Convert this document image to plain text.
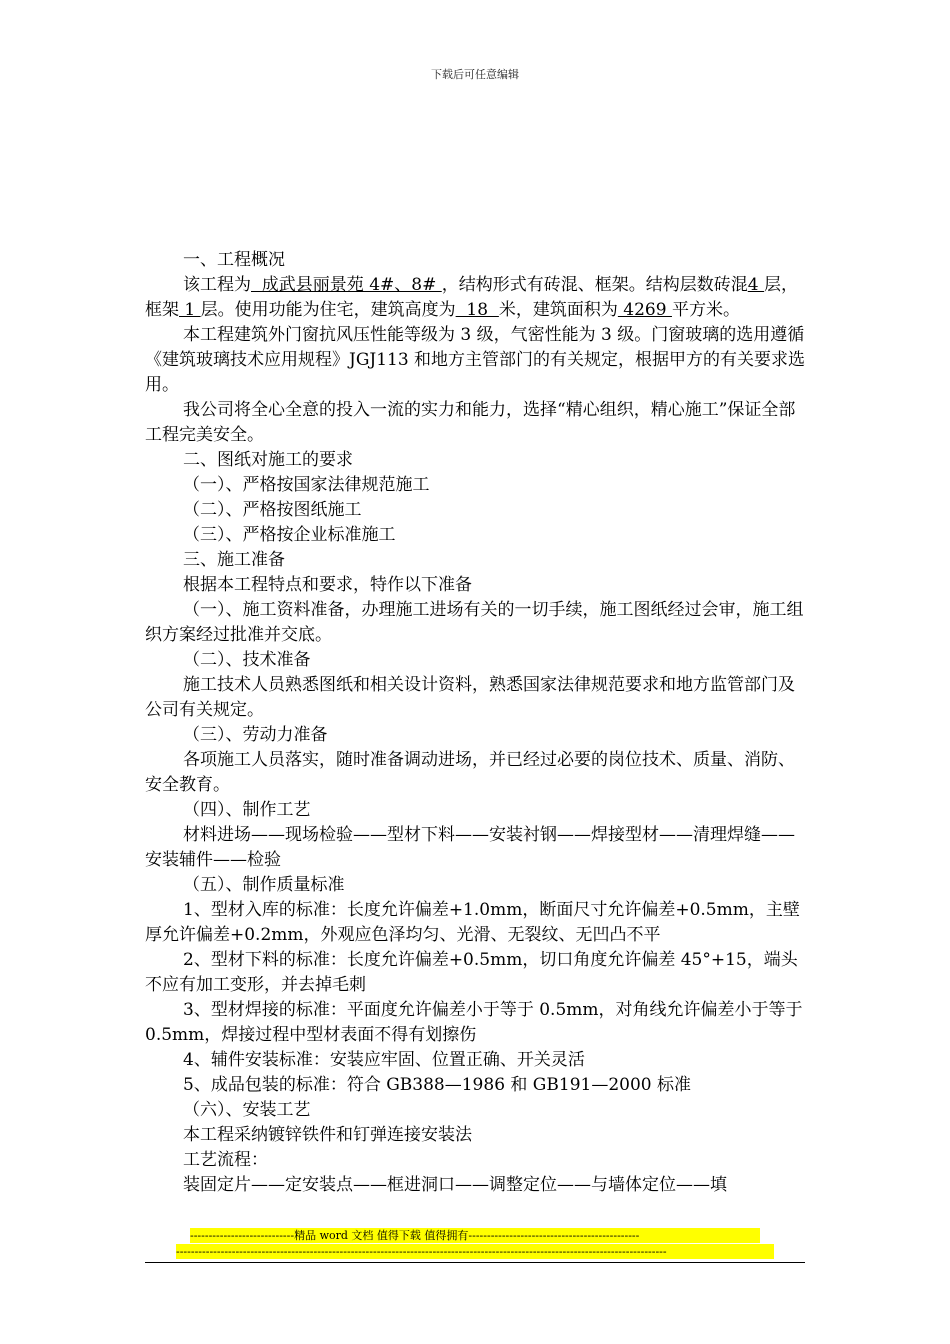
下载后可任意编辑

一、工程概况

该工程为  成武县丽景苑 4#、8# ，结构形式有砖混、框架。结构层数砖混4 层，框架 1 层。使用功能为住宅，建筑高度为  18  米，建筑面积为 4269 平方米。

本工程建筑外门窗抗风压性能等级为 3 级，气密性能为 3 级。门窗玻璃的选用遵循《建筑玻璃技术应用规程》JGJ113 和地方主管部门的有关规定，根据甲方的有关要求选用。

我公司将全心全意的投入一流的实力和能力，选择“精心组织，精心施工”保证全部工程完美安全。

二、图纸对施工的要求

（一）、严格按国家法律规范施工

（二）、严格按图纸施工

（三）、严格按企业标准施工

三、施工准备

根据本工程特点和要求，特作以下准备

（一）、施工资料准备，办理施工进场有关的一切手续，施工图纸经过会审，施工组织方案经过批准并交底。

（二）、技术准备

施工技术人员熟悉图纸和相关设计资料，熟悉国家法律规范要求和地方监管部门及公司有关规定。

（三）、劳动力准备

各项施工人员落实，随时准备调动进场，并已经过必要的岗位技术、质量、消防、安全教育。

（四）、制作工艺

材料进场——现场检验——型材下料——安装衬钢——焊接型材——清理焊缝——安装辅件——检验

（五）、制作质量标准

1、型材入库的标准：长度允许偏差+1.0mm，断面尺寸允许偏差+0.5mm，主壁厚允许偏差+0.2mm，外观应色泽均匀、光滑、无裂纹、无凹凸不平

2、型材下料的标准：长度允许偏差+0.5mm，切口角度允许偏差 45°+15，端头不应有加工变形，并去掉毛刺

3、型材焊接的标准：平面度允许偏差小于等于 0.5mm，对角线允许偏差小于等于 0.5mm，焊接过程中型材表面不得有划擦伤

4、辅件安装标准：安装应牢固、位置正确、开关灵活

5、成品包装的标准：符合 GB388—1986 和 GB191—2000 标准

（六）、安装工艺

本工程采纳镀锌铁件和钉弹连接安装法

工艺流程：

装固定片——定安装点——框进洞口——调整定位——与墙体定位——填

----------------------------精品 word 文档 值得下载 值得拥有----------------------------------------------
------------------------------------------------------------------------------------------------------------------------------------
